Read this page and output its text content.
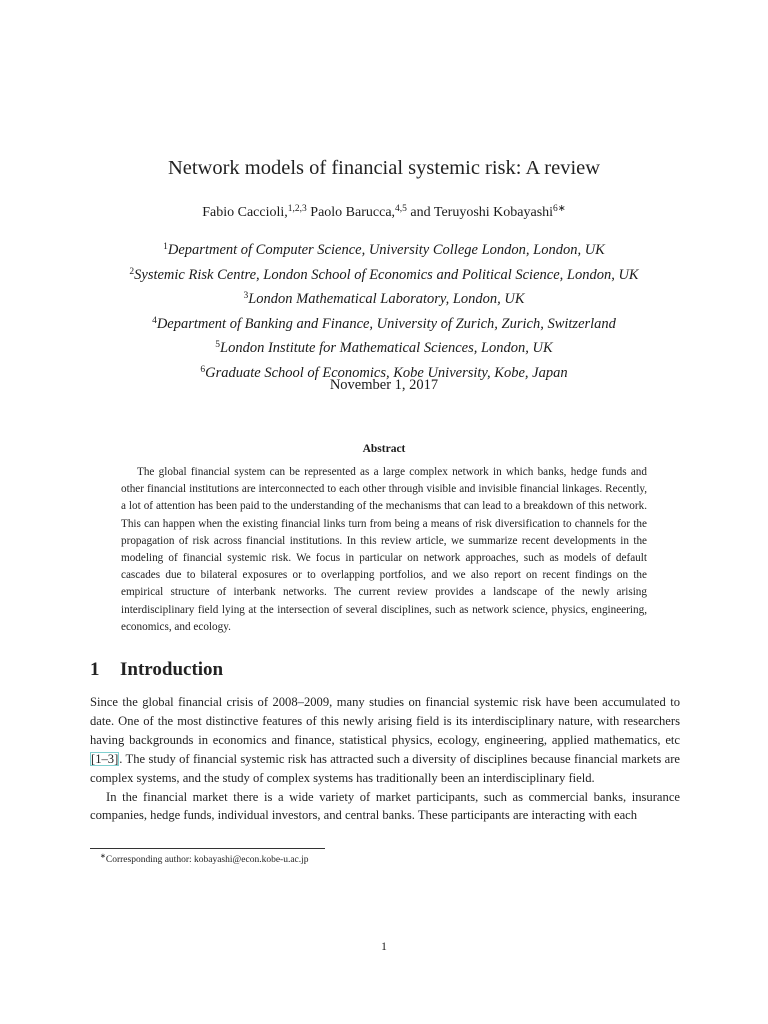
Network models of financial systemic risk: A review
Fabio Caccioli,$^{1,2,3}$ Paolo Barucca,$^{4,5}$ and Teruyoshi Kobayashi$^{6∗}$
$^1$Department of Computer Science, University College London, London, UK
$^2$Systemic Risk Centre, London School of Economics and Political Science, London, UK
$^3$London Mathematical Laboratory, London, UK
$^4$Department of Banking and Finance, University of Zurich, Zurich, Switzerland
$^5$London Institute for Mathematical Sciences, London, UK
$^6$Graduate School of Economics, Kobe University, Kobe, Japan
November 1, 2017
Abstract
The global financial system can be represented as a large complex network in which banks, hedge funds and other financial institutions are interconnected to each other through visible and invisible financial linkages. Recently, a lot of attention has been paid to the understanding of the mechanisms that can lead to a breakdown of this network. This can happen when the existing financial links turn from being a means of risk diversification to channels for the propagation of risk across financial institutions. In this review article, we summarize recent developments in the modeling of financial systemic risk. We focus in particular on network approaches, such as models of default cascades due to bilateral exposures or to overlapping portfolios, and we also report on recent findings on the empirical structure of interbank networks. The current review provides a landscape of the newly arising interdisciplinary field lying at the intersection of several disciplines, such as network science, physics, engineering, economics, and ecology.
1 Introduction

Since the global financial crisis of 2008–2009, many studies on financial systemic risk have been accumulated to date. One of the most distinctive features of this newly arising field is its interdisciplinary nature, with researchers having backgrounds in economics and finance, statistical physics, ecology, engineering, applied mathematics, etc [1–3]. The study of financial systemic risk has attracted such a diversity of disciplines because financial markets are complex systems, and the study of complex systems has traditionally been an interdisciplinary field.

In the financial market there is a wide variety of market participants, such as commercial banks, insurance companies, hedge funds, individual investors, and central banks. These participants are interacting with each

∗Corresponding author: kobayashi@econ.kobe-u.ac.jp
1
